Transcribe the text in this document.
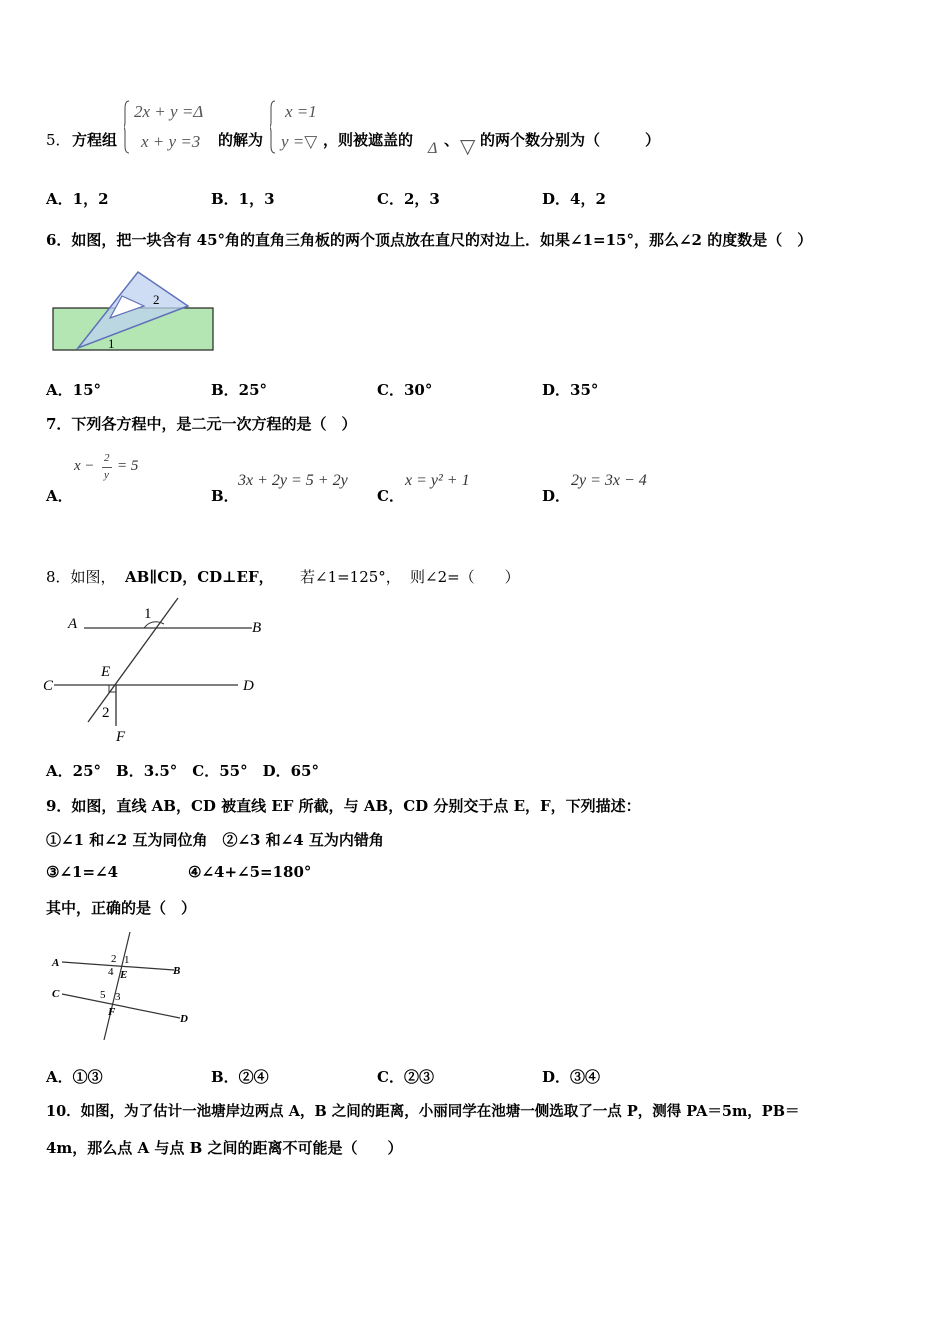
5． 方程组
2x + y =Δ
x + y =3 的解为
x =1
y =▽ ，则被遮盖的 Δ 、 ▽ 的两个数分别为（　　　）
A．1，2	B．1，3	C．2，3	D．4，2
6．如图，把一块含有 45°角的直角三角板的两个顶点放在直尺的对边上．如果∠1=15°，那么∠2 的度数是（　）
2
1
A．15°	B．25°	C．30°	D．35°
7．下列各方程中，是二元一次方程的是（　）
A．
x − 2
y
= 5
B．
3x + 2y = 5 + 2y
C．
x = y² + 1
D．
2y = 3x − 4
8．如图， AB∥CD，CD⊥EF， 若∠1=125°， 则∠2=（　　）
A	B
C	D
E
F
1
2
A．25°　B．3.5°　C．55°　D．65°
9．如图，直线 AB，CD 被直线 EF 所截，与 AB，CD 分别交于点 E，F，下列描述：
①∠1 和∠2 互为同位角　②∠3 和∠4 互为内错角
③∠1=∠4	④∠4+∠5=180°
其中，正确的是（　）
A
B
C
D
E
F
2 1
4
5 3
A．①③	B．②④	C．②③	D．③④
10．如图，为了估计一池塘岸边两点 A，B 之间的距离，小丽同学在池塘一侧选取了一点 P，测得 PA＝5m，PB＝
4m，那么点 A 与点 B 之间的距离不可能是（　　）
